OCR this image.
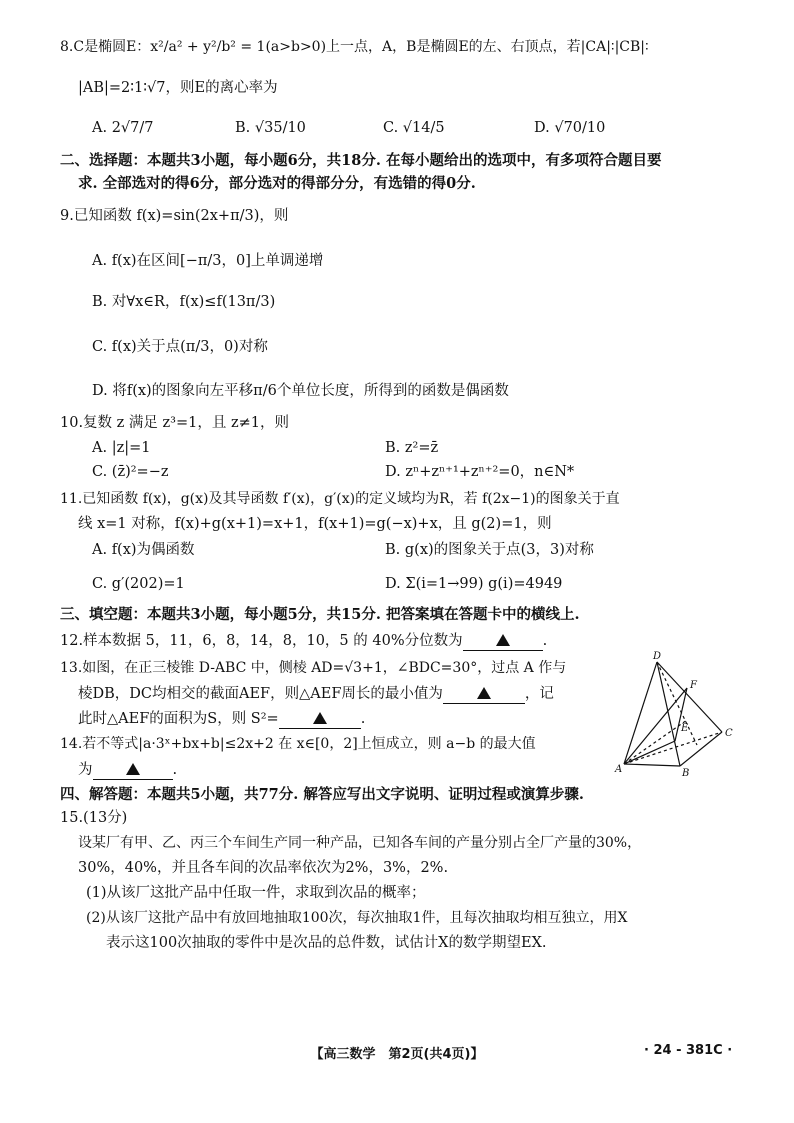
8.C是椭圆E：x²/a² + y²/b² = 1(a>b>0)上一点，A，B是椭圆E的左、右顶点，若|CA|∶|CB|∶
|AB|=2∶1∶√7，则E的离心率为
A. 2√7/7	B. √35/10	C. √14/5	D. √70/10
二、选择题：本题共3小题，每小题6分，共18分. 在每小题给出的选项中，有多项符合题目要
求. 全部选对的得6分，部分选对的得部分分，有选错的得0分.
9.已知函数 f(x)=sin(2x+π/3)，则
A. f(x)在区间[−π/3，0]上单调递增
B. 对∀x∈R，f(x)≤f(13π/3)
C. f(x)关于点(π/3，0)对称
D. 将f(x)的图象向左平移π/6个单位长度，所得到的函数是偶函数
10.复数 z 满足 z³=1，且 z≠1，则
A. |z|=1	B. z²=z̄
C. (z̄)²=−z	D. zⁿ+zⁿ⁺¹+zⁿ⁺²=0，n∈N*
11.已知函数 f(x)，g(x)及其导函数 f′(x)，g′(x)的定义域均为R，若 f(2x−1)的图象关于直
线 x=1 对称，f(x)+g(x+1)=x+1，f(x+1)=g(−x)+x，且 g(2)=1，则
A. f(x)为偶函数	B. g(x)的图象关于点(3，3)对称
C. g′(202)=1	D. Σ(i=1→99) g(i)=4949
三、填空题：本题共3小题，每小题5分，共15分. 把答案填在答题卡中的横线上.
12.样本数据 5，11，6，8，14，8，10，5 的 40%分位数为	.
13.如图，在正三棱锥 D-ABC 中，侧棱 AD=√3+1，∠BDC=30°，过点 A 作与
棱DB，DC均相交的截面AEF，则△AEF周长的最小值为	，记
此时△AEF的面积为S，则 S²=	.
14.若不等式|a·3ˣ+bx+b|≤2x+2 在 x∈[0，2]上恒成立，则 a−b 的最大值
为	.
D
F
E	C
A	B
四、解答题：本题共5小题，共77分. 解答应写出文字说明、证明过程或演算步骤.
15.(13分)
设某厂有甲、乙、丙三个车间生产同一种产品，已知各车间的产量分别占全厂产量的30%，
30%，40%，并且各车间的次品率依次为2%，3%，2%.
(1)从该厂这批产品中任取一件，求取到次品的概率；
(2)从该厂这批产品中有放回地抽取100次，每次抽取1件，且每次抽取均相互独立，用X
表示这100次抽取的零件中是次品的总件数，试估计X的数学期望EX.
【高三数学　第2页(共4页)】	· 24 - 381C ·
